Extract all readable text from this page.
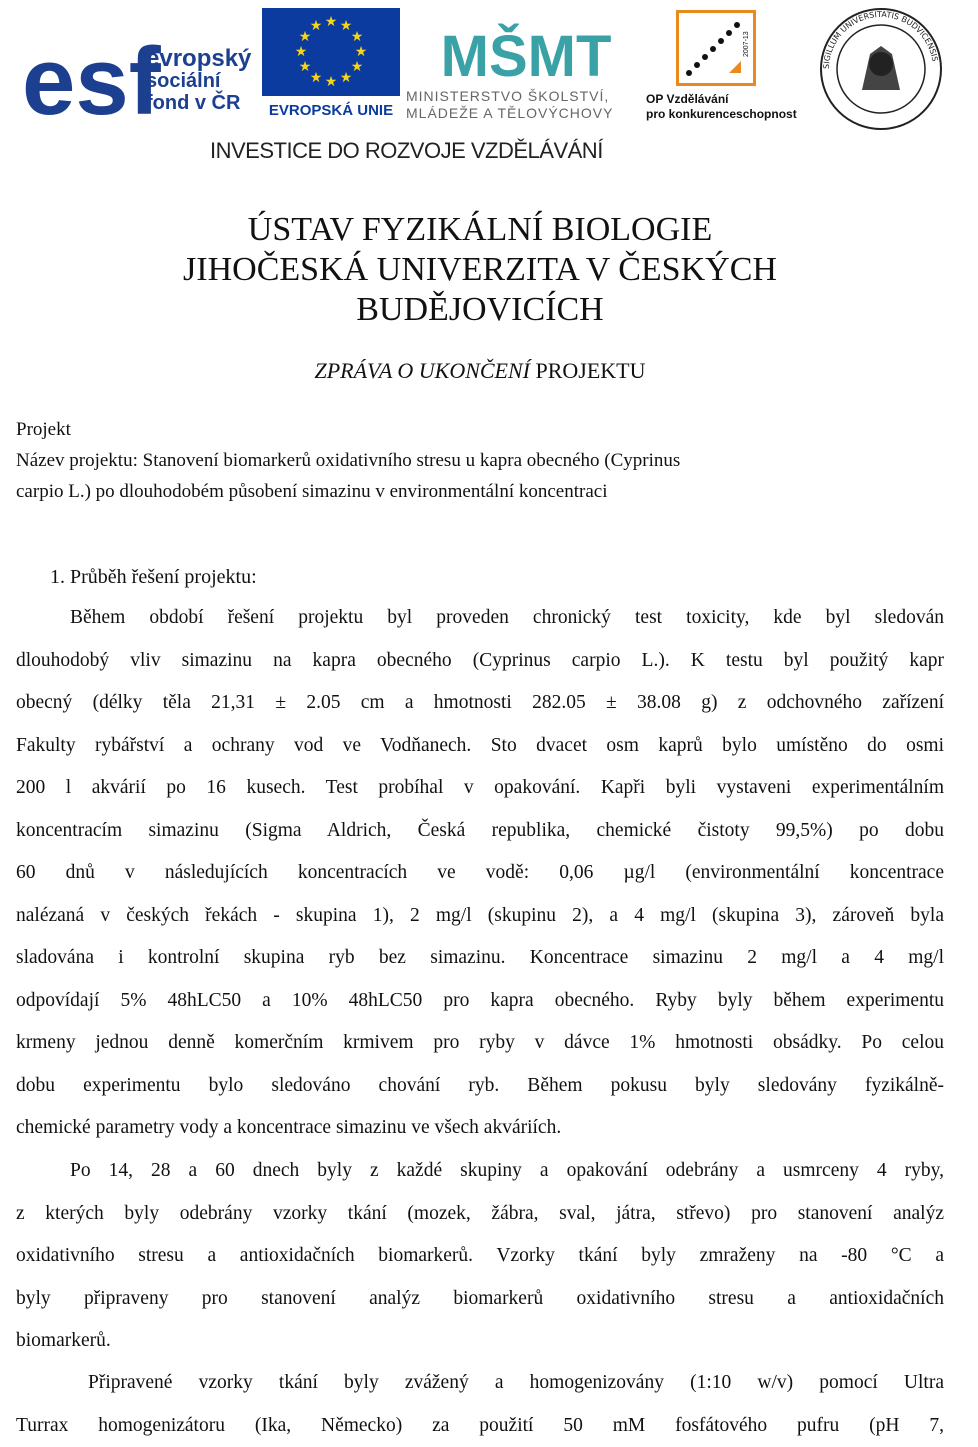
esf
evropský
sociální
fond v ČR
★ ★
★
★
★
★
★
★
★
★
★
★
EVROPSKÁ UNIE
MŠMT
MINISTERSTVO ŠKOLSTVÍ,
MLÁDEŽE A TĚLOVÝCHOVY
2007-13
OP Vzdělávání
pro konkurenceschopnost
SIGILLUM UNIVERSITATIS BUDVICENSIS
INVESTICE DO ROZVOJE VZDĚLÁVÁNÍ
ÚSTAV FYZIKÁLNÍ BIOLOGIE
JIHOČESKÁ UNIVERZITA V ČESKÝCH
BUDĚJOVICÍCH
ZPRÁVA O UKONČENÍ PROJEKTU
Projekt
Název projektu: Stanovení biomarkerů oxidativního stresu u kapra obecného (Cyprinus
carpio L.) po dlouhodobém působení simazinu v environmentální koncentraci
1. Průběh řešení projektu:
Během období řešení projektu byl proveden chronický test toxicity, kde byl sledován
dlouhodobý vliv simazinu na kapra obecného (Cyprinus carpio L.). K testu byl použitý kapr
obecný (délky těla 21,31 ± 2.05 cm a hmotnosti 282.05 ± 38.08 g) z odchovného zařízení
Fakulty rybářství a ochrany vod ve Vodňanech. Sto dvacet osm kaprů bylo umístěno do osmi
200 l akvárií po 16 kusech. Test probíhal v opakování. Kapři byli vystaveni experimentálním
koncentracím simazinu (Sigma Aldrich, Česká republika, chemické čistoty 99,5%) po dobu
60 dnů v následujících koncentracích ve vodě: 0,06 µg/l (environmentální koncentrace
nalézaná v českých řekách - skupina 1), 2 mg/l (skupinu 2), a 4 mg/l (skupina 3), zároveň byla
sladována i kontrolní skupina ryb bez simazinu. Koncentrace simazinu 2 mg/l a 4 mg/l
odpovídají 5% 48hLC50 a 10% 48hLC50 pro kapra obecného. Ryby byly během experimentu
krmeny jednou denně komerčním krmivem pro ryby v dávce 1% hmotnosti obsádky. Po celou
dobu experimentu bylo sledováno chování ryb. Během pokusu byly sledovány fyzikálně-
chemické parametry vody a koncentrace simazinu ve všech akváriích.
Po 14, 28 a 60 dnech byly z každé skupiny a opakování odebrány a usmrceny 4 ryby,
z kterých byly odebrány vzorky tkání (mozek, žábra, sval, játra, střevo) pro stanovení analýz
oxidativního stresu a antioxidačních biomarkerů. Vzorky tkání byly zmraženy na -80 °C a
byly připraveny pro stanovení analýz biomarkerů oxidativního stresu a antioxidačních
biomarkerů.
Připravené vzorky tkání byly zvážený a homogenizovány (1:10 w/v) pomocí Ultra
Turrax homogenizátoru (Ika, Německo) za použití 50 mM fosfátového pufru (pH 7,
